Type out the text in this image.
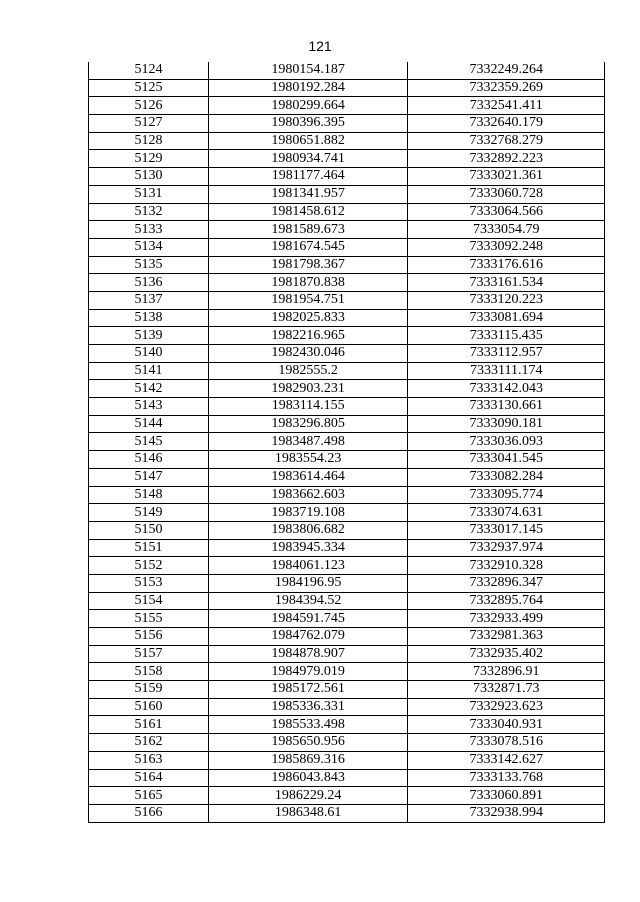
121
5124	1980154.187	7332249.264
5125	1980192.284	7332359.269
5126	1980299.664	7332541.411
5127	1980396.395	7332640.179
5128	1980651.882	7332768.279
5129	1980934.741	7332892.223
5130	1981177.464	7333021.361
5131	1981341.957	7333060.728
5132	1981458.612	7333064.566
5133	1981589.673	7333054.79
5134	1981674.545	7333092.248
5135	1981798.367	7333176.616
5136	1981870.838	7333161.534
5137	1981954.751	7333120.223
5138	1982025.833	7333081.694
5139	1982216.965	7333115.435
5140	1982430.046	7333112.957
5141	1982555.2	7333111.174
5142	1982903.231	7333142.043
5143	1983114.155	7333130.661
5144	1983296.805	7333090.181
5145	1983487.498	7333036.093
5146	1983554.23	7333041.545
5147	1983614.464	7333082.284
5148	1983662.603	7333095.774
5149	1983719.108	7333074.631
5150	1983806.682	7333017.145
5151	1983945.334	7332937.974
5152	1984061.123	7332910.328
5153	1984196.95	7332896.347
5154	1984394.52	7332895.764
5155	1984591.745	7332933.499
5156	1984762.079	7332981.363
5157	1984878.907	7332935.402
5158	1984979.019	7332896.91
5159	1985172.561	7332871.73
5160	1985336.331	7332923.623
5161	1985533.498	7333040.931
5162	1985650.956	7333078.516
5163	1985869.316	7333142.627
5164	1986043.843	7333133.768
5165	1986229.24	7333060.891
5166	1986348.61	7332938.994
